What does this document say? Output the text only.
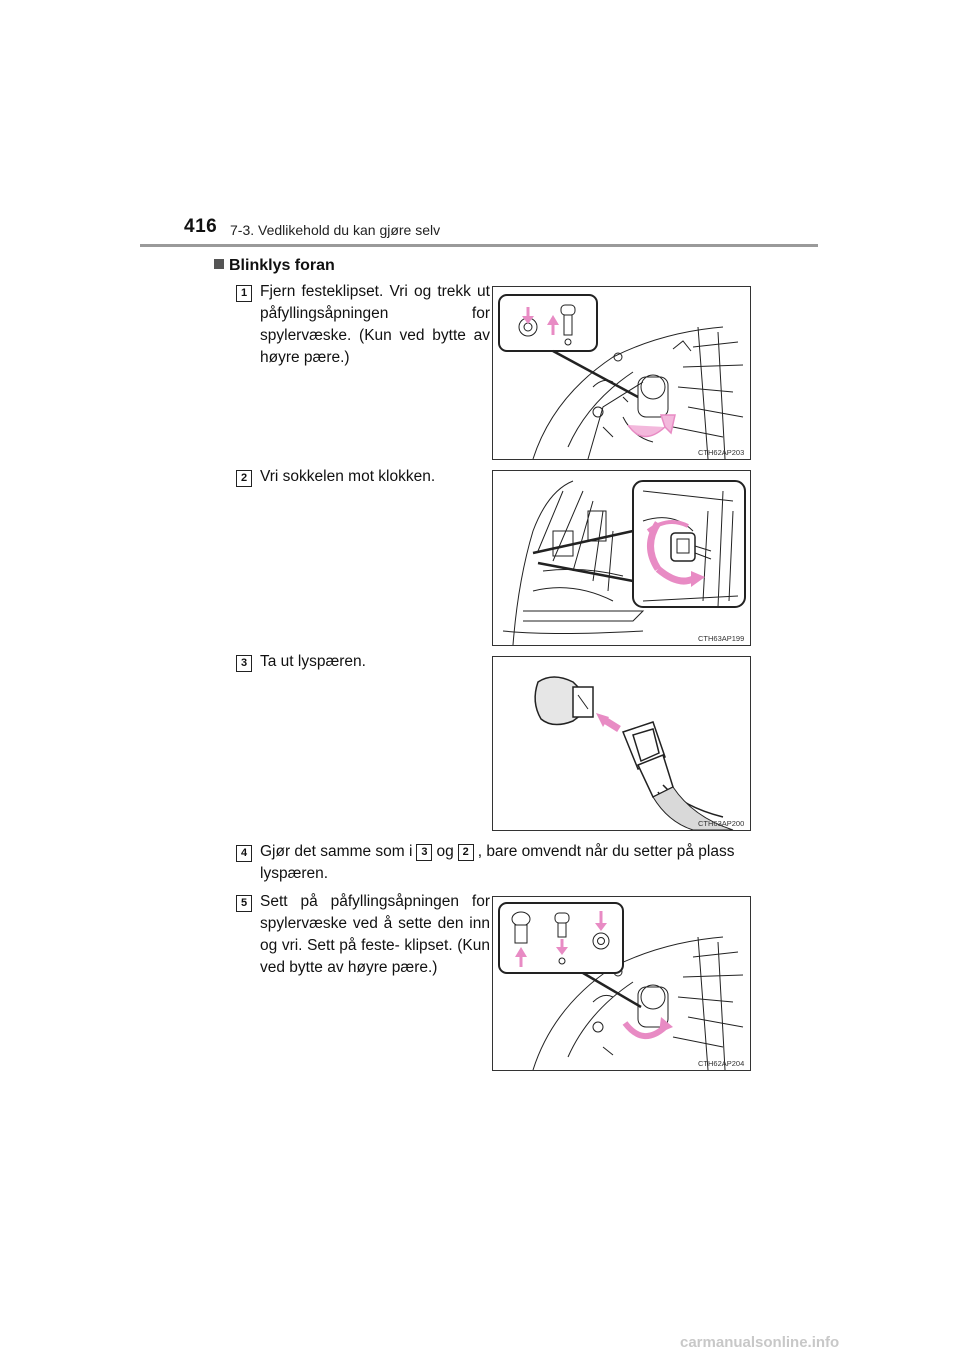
416 7-3. Vedlikehold du kan gjøre selv
Blinklys foran
1 Fjern festeklipset. Vri og trekk ut påfyllingsåpningen for spylervæske. (Kun ved bytte av høyre pære.)
CTH62AP203
2 Vri sokkelen mot klokken.
CTH63AP199
3 Ta ut lyspæren.
CTH63AP200
4 Gjør det samme som i 3 og 2 , bare omvendt når du setter på plass lyspæren.
5 Sett på påfyllingsåpningen for spylervæske ved å sette den inn og vri. Sett på feste- klipset. (Kun ved bytte av høyre pære.)
CTH62AP204
carmanualsonline.info
